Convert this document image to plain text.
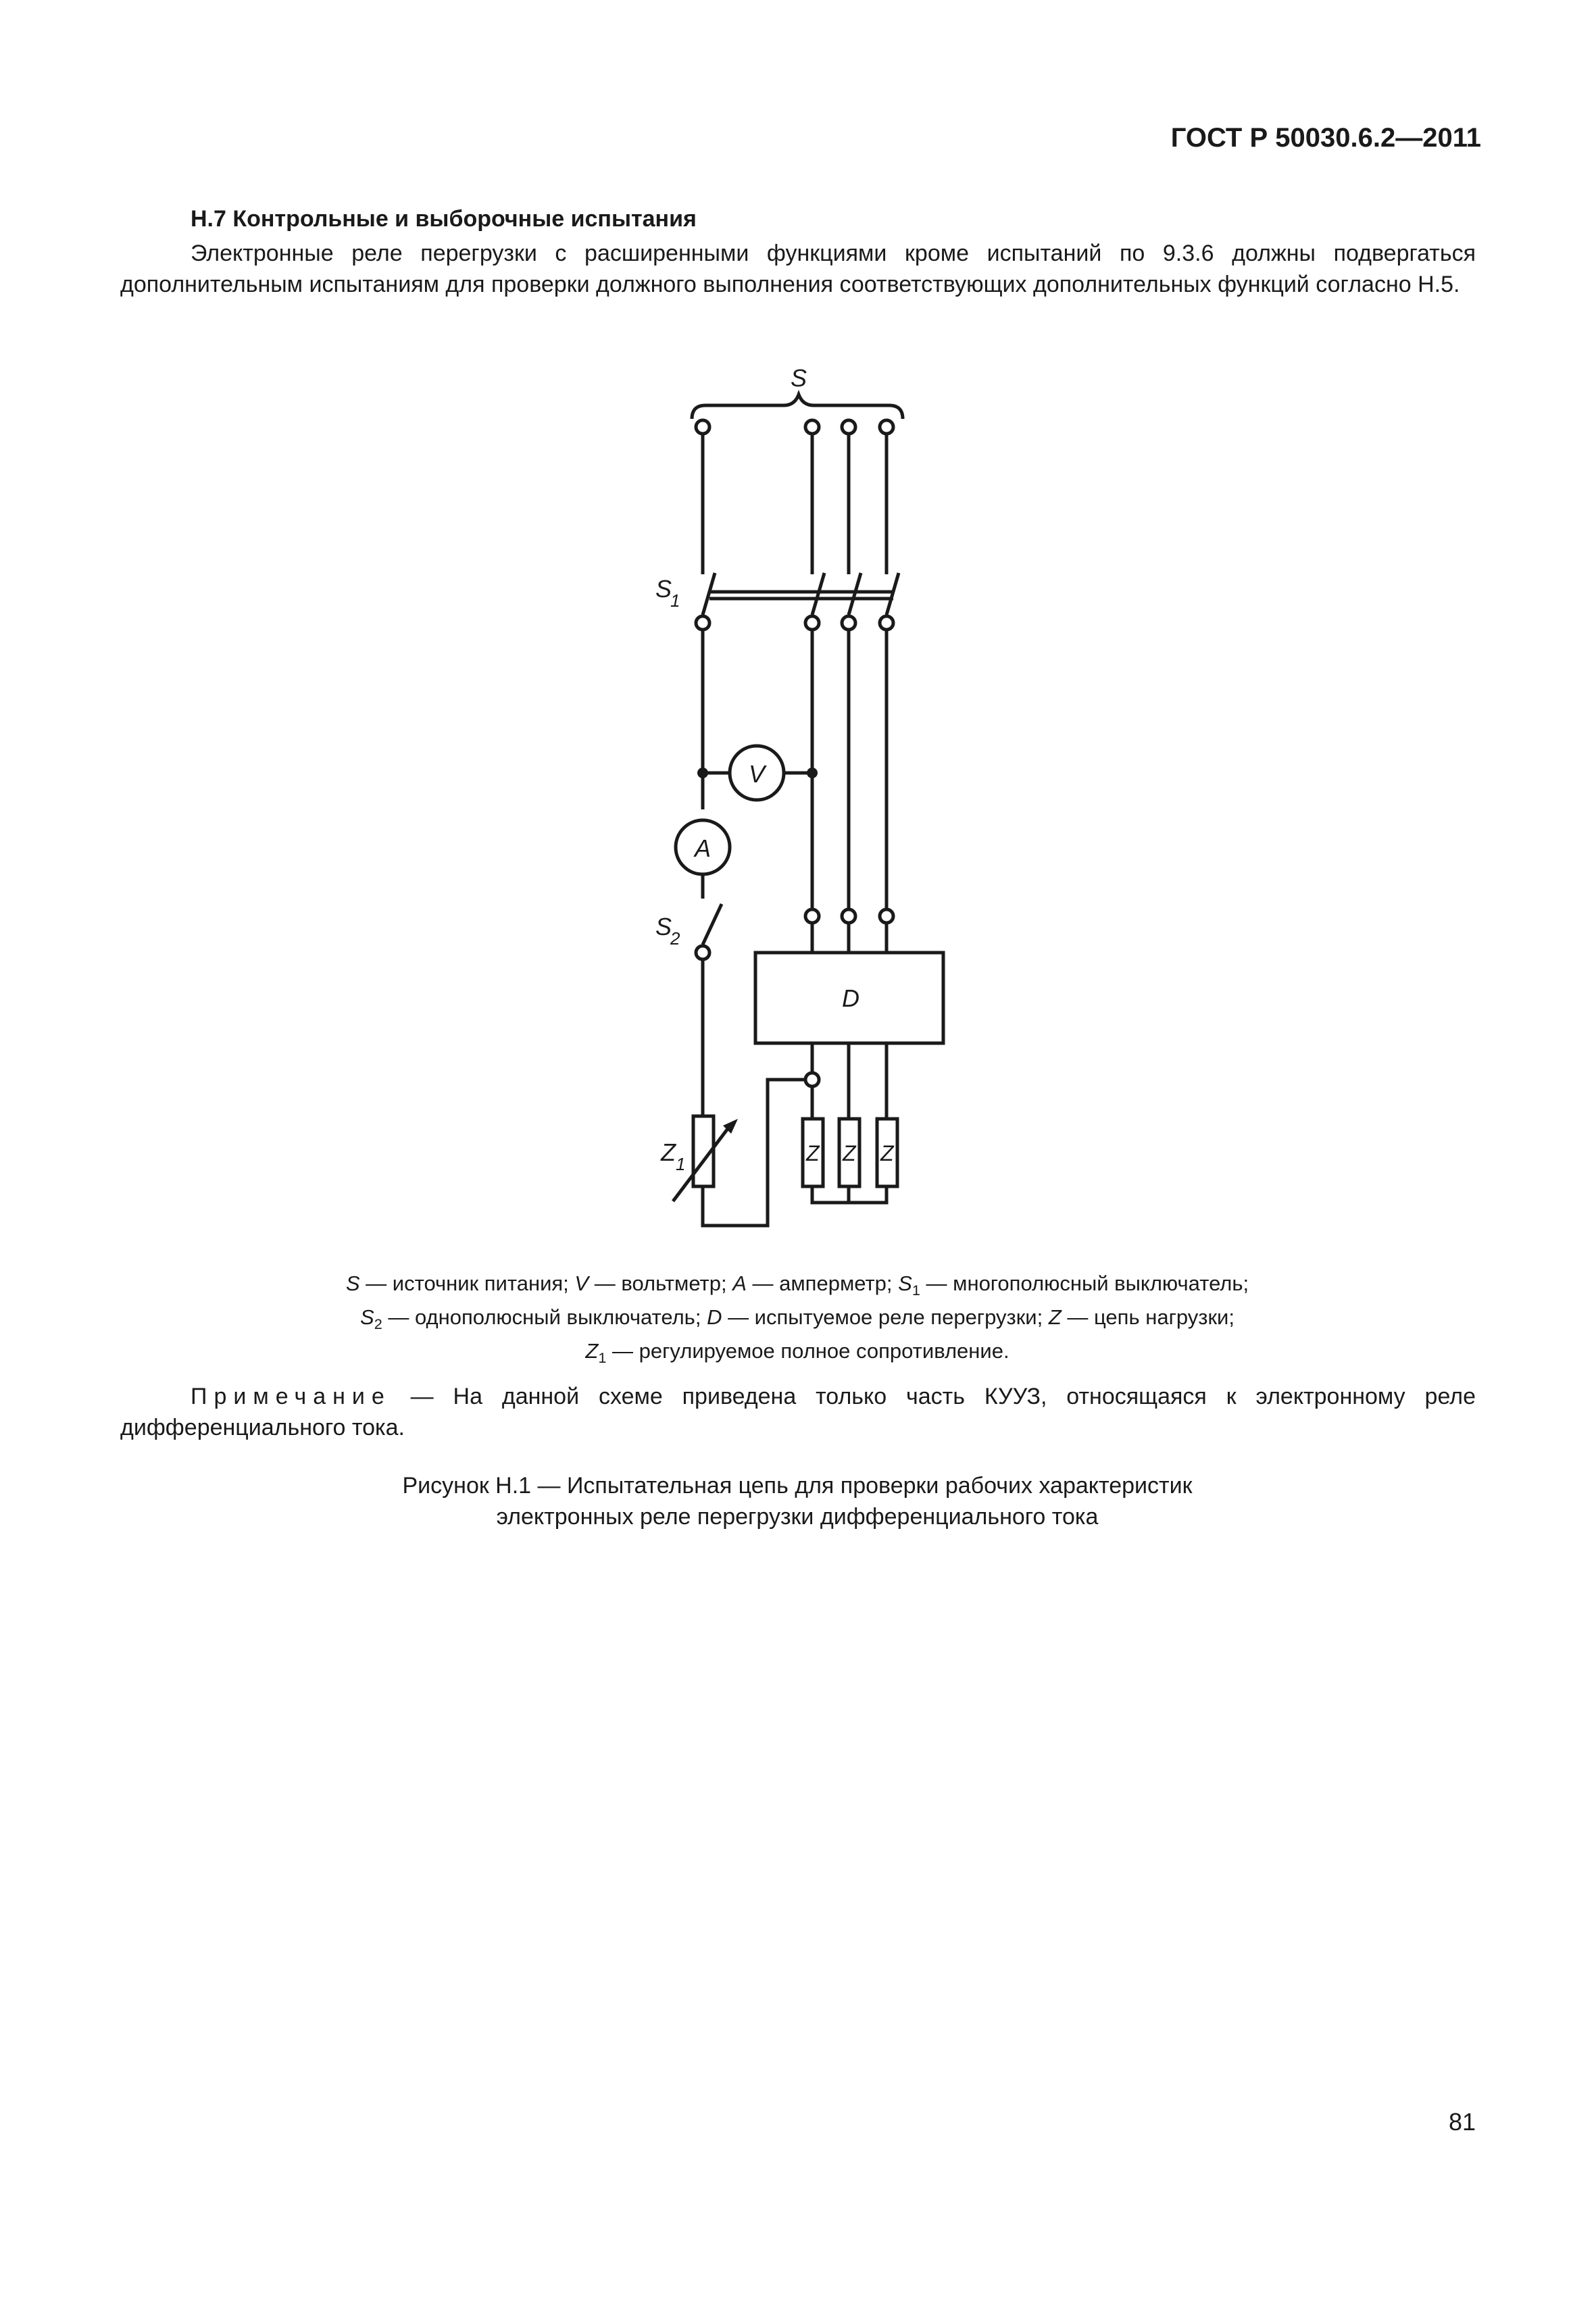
ГОСТ Р 50030.6.2—2011
Н.7 Контрольные и выборочные испытания

Электронные реле перегрузки с расширенными функциями кроме испытаний по 9.3.6 должны подвергаться дополнительным испытаниям для проверки должного выполнения соответствующих дополнительных функций согласно Н.5.

S
S
1
V
A
S
2
D
Z 1	Z Z Z
S — источник питания; V — вольтметр; A — амперметр; $S_1$ — многополюсный выключатель;
$S_2$ — однополюсный выключатель; D — испытуемое реле перегрузки; Z — цепь нагрузки;
$Z_1$ — регулируемое полное сопротивление.
Примечание — На данной схеме приведена только часть КУУЗ, относящаяся к электронному реле дифференциального тока.
Рисунок Н.1 — Испытательная цепь для проверки рабочих характеристик
электронных реле перегрузки дифференциального тока
81
